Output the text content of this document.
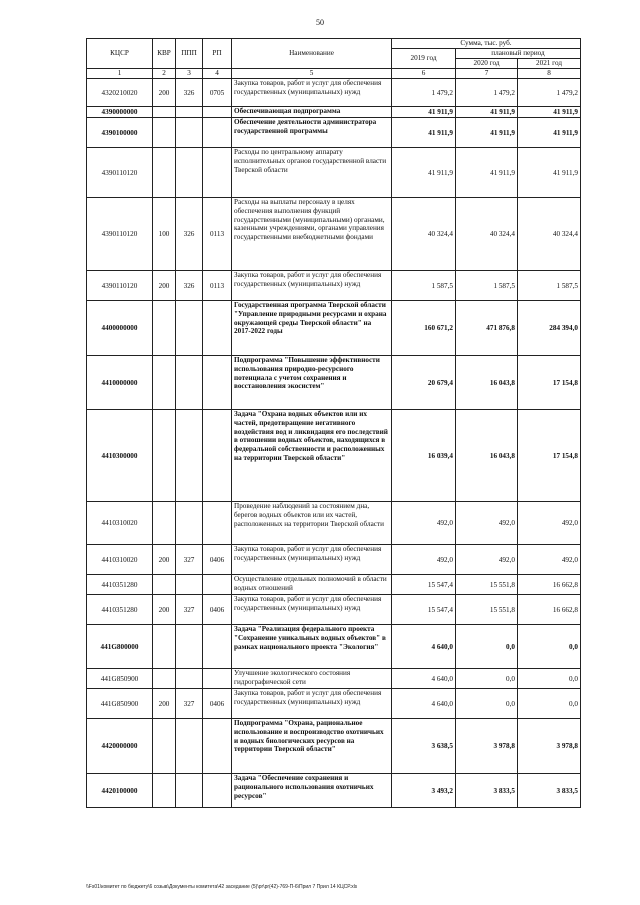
50
КЦСР	КВР	ППП	РП	Наименование	Сумма, тыс. руб.		
					2019 год	плановый период	
						2020 год	2021 год
1	2	3	4	5	6	7	8
4320210020	200	326	0705	Закупка товаров, работ и услуг для обеспечения государственных (муниципальных) нужд	1 479,2	1 479,2	1 479,2
4390000000				Обеспечивающая подпрограмма	41 911,9	41 911,9	41 911,9
4390100000				Обеспечение деятельности администратора государственной программы	41 911,9	41 911,9	41 911,9
4390110120				Расходы по центральному аппарату исполнительных органов государственной власти Тверской области	41 911,9	41 911,9	41 911,9
4390110120	100	326	0113	Расходы на выплаты персоналу в целях обеспечения выполнения функций государственными (муниципальными) органами, казенными учреждениями, органами управления государственными внебюджетными фондами	40 324,4	40 324,4	40 324,4
4390110120	200	326	0113	Закупка товаров, работ и услуг для обеспечения государственных (муниципальных) нужд	1 587,5	1 587,5	1 587,5
4400000000				Государственная программа Тверской области "Управление природными ресурсами и охрана окружающей среды Тверской области" на 2017-2022 годы	160 671,2	471 876,8	284 394,0
4410000000				Подпрограмма "Повышение эффективности использования природно-ресурсного потенциала с учетом сохранения и восстановления экосистем"	20 679,4	16 043,8	17 154,8
4410300000				Задача "Охрана водных объектов или их частей, предотвращение негативного воздействия вод и ликвидация его последствий в отношении водных объектов, находящихся в федеральной собственности и расположенных на территории Тверской области"	16 039,4	16 043,8	17 154,8
4410310020				Проведение наблюдений за состоянием дна, берегов водных объектов или их частей, расположенных на территории Тверской области	492,0	492,0	492,0
4410310020	200	327	0406	Закупка товаров, работ и услуг для обеспечения государственных (муниципальных) нужд	492,0	492,0	492,0
4410351280				Осуществление отдельных полномочий в области водных отношений	15 547,4	15 551,8	16 662,8
4410351280	200	327	0406	Закупка товаров, работ и услуг для обеспечения государственных (муниципальных) нужд	15 547,4	15 551,8	16 662,8
441G800000				Задача "Реализация федерального проекта "Сохранение уникальных водных объектов" в рамках национального проекта "Экология"	4 640,0	0,0	0,0
441G850900				Улучшение экологического состояния гидрографической сети	4 640,0	0,0	0,0
441G850900	200	327	0406	Закупка товаров, работ и услуг для обеспечения государственных (муниципальных) нужд	4 640,0	0,0	0,0
4420000000				Подпрограмма "Охрана, рациональное использование и воспроизводство охотничьих и водных биологических ресурсов на территории Тверской области"	3 638,5	3 978,8	3 978,8
4420100000				Задача "Обеспечение сохранения и рационального использования охотничьих ресурсов"	3 493,2	3 833,5	3 833,5
\\Fs01\комитет по бюджету\6 созыв\Документы комитета\42 заседание (5)\pr\pr(42)-769-П-6\Прил 7 Прил 14 КЦСР.xls
